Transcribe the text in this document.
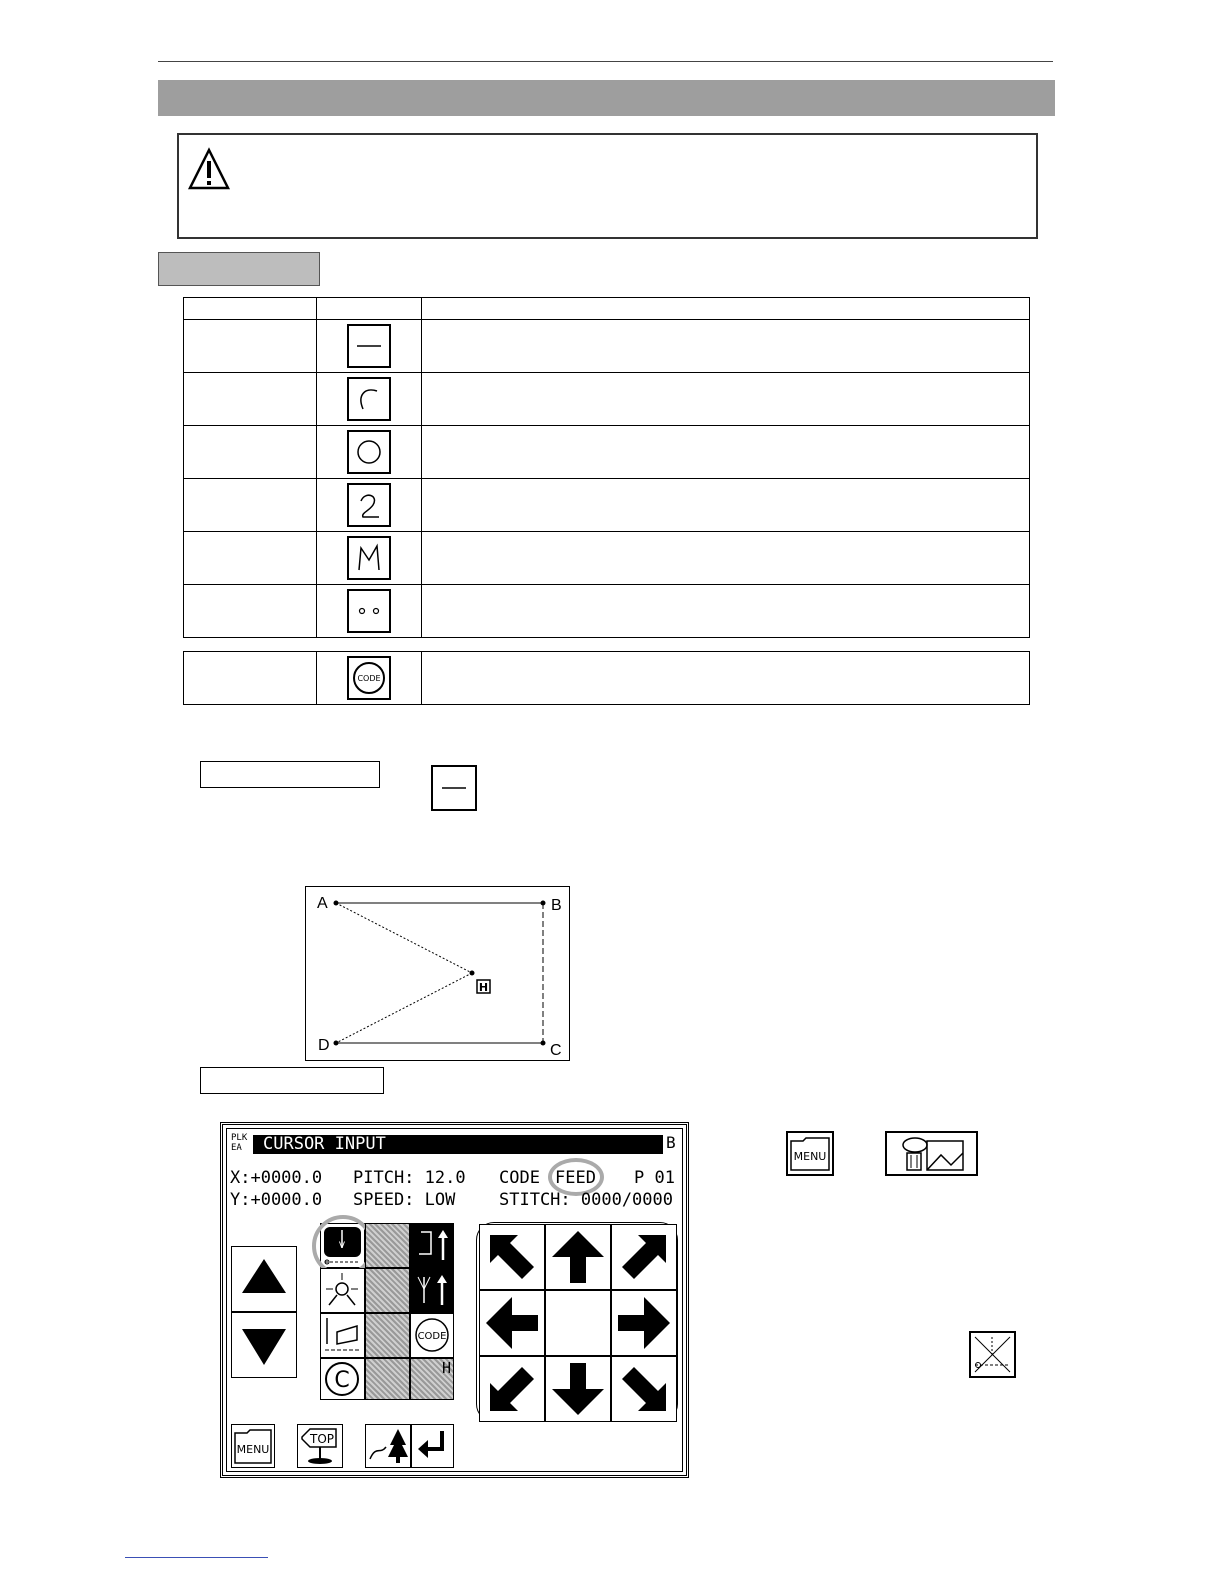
CODE

A	B
C
D
H
PLK
EA	CURSOR INPUT	B
X:+0000.0 PITCH: 12.0 CODE FEED P 01
Y:+0000.0 SPEED: LOW	STITCH: 0000/0000
V
CODE
C	H
MENU
TOP
MENU
